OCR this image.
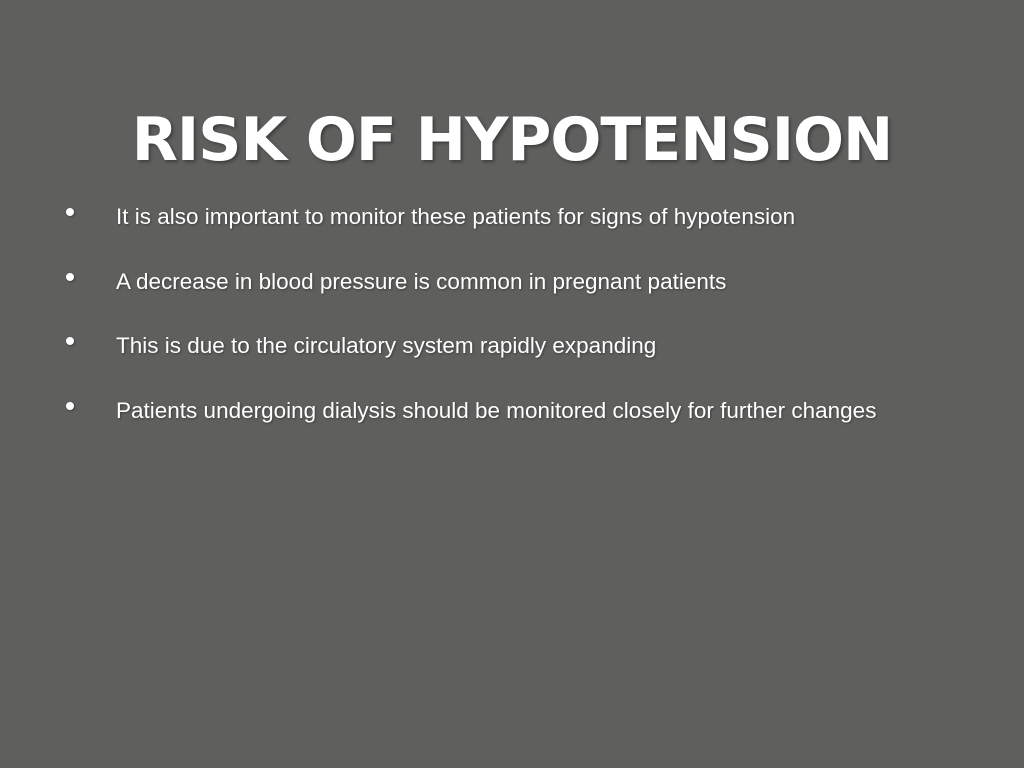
RISK OF HYPOTENSION
It is also important to monitor these patients for signs of hypotension
A decrease in blood pressure is common in pregnant patients
This is due to the circulatory system rapidly expanding
Patients undergoing dialysis should be monitored closely for further changes
